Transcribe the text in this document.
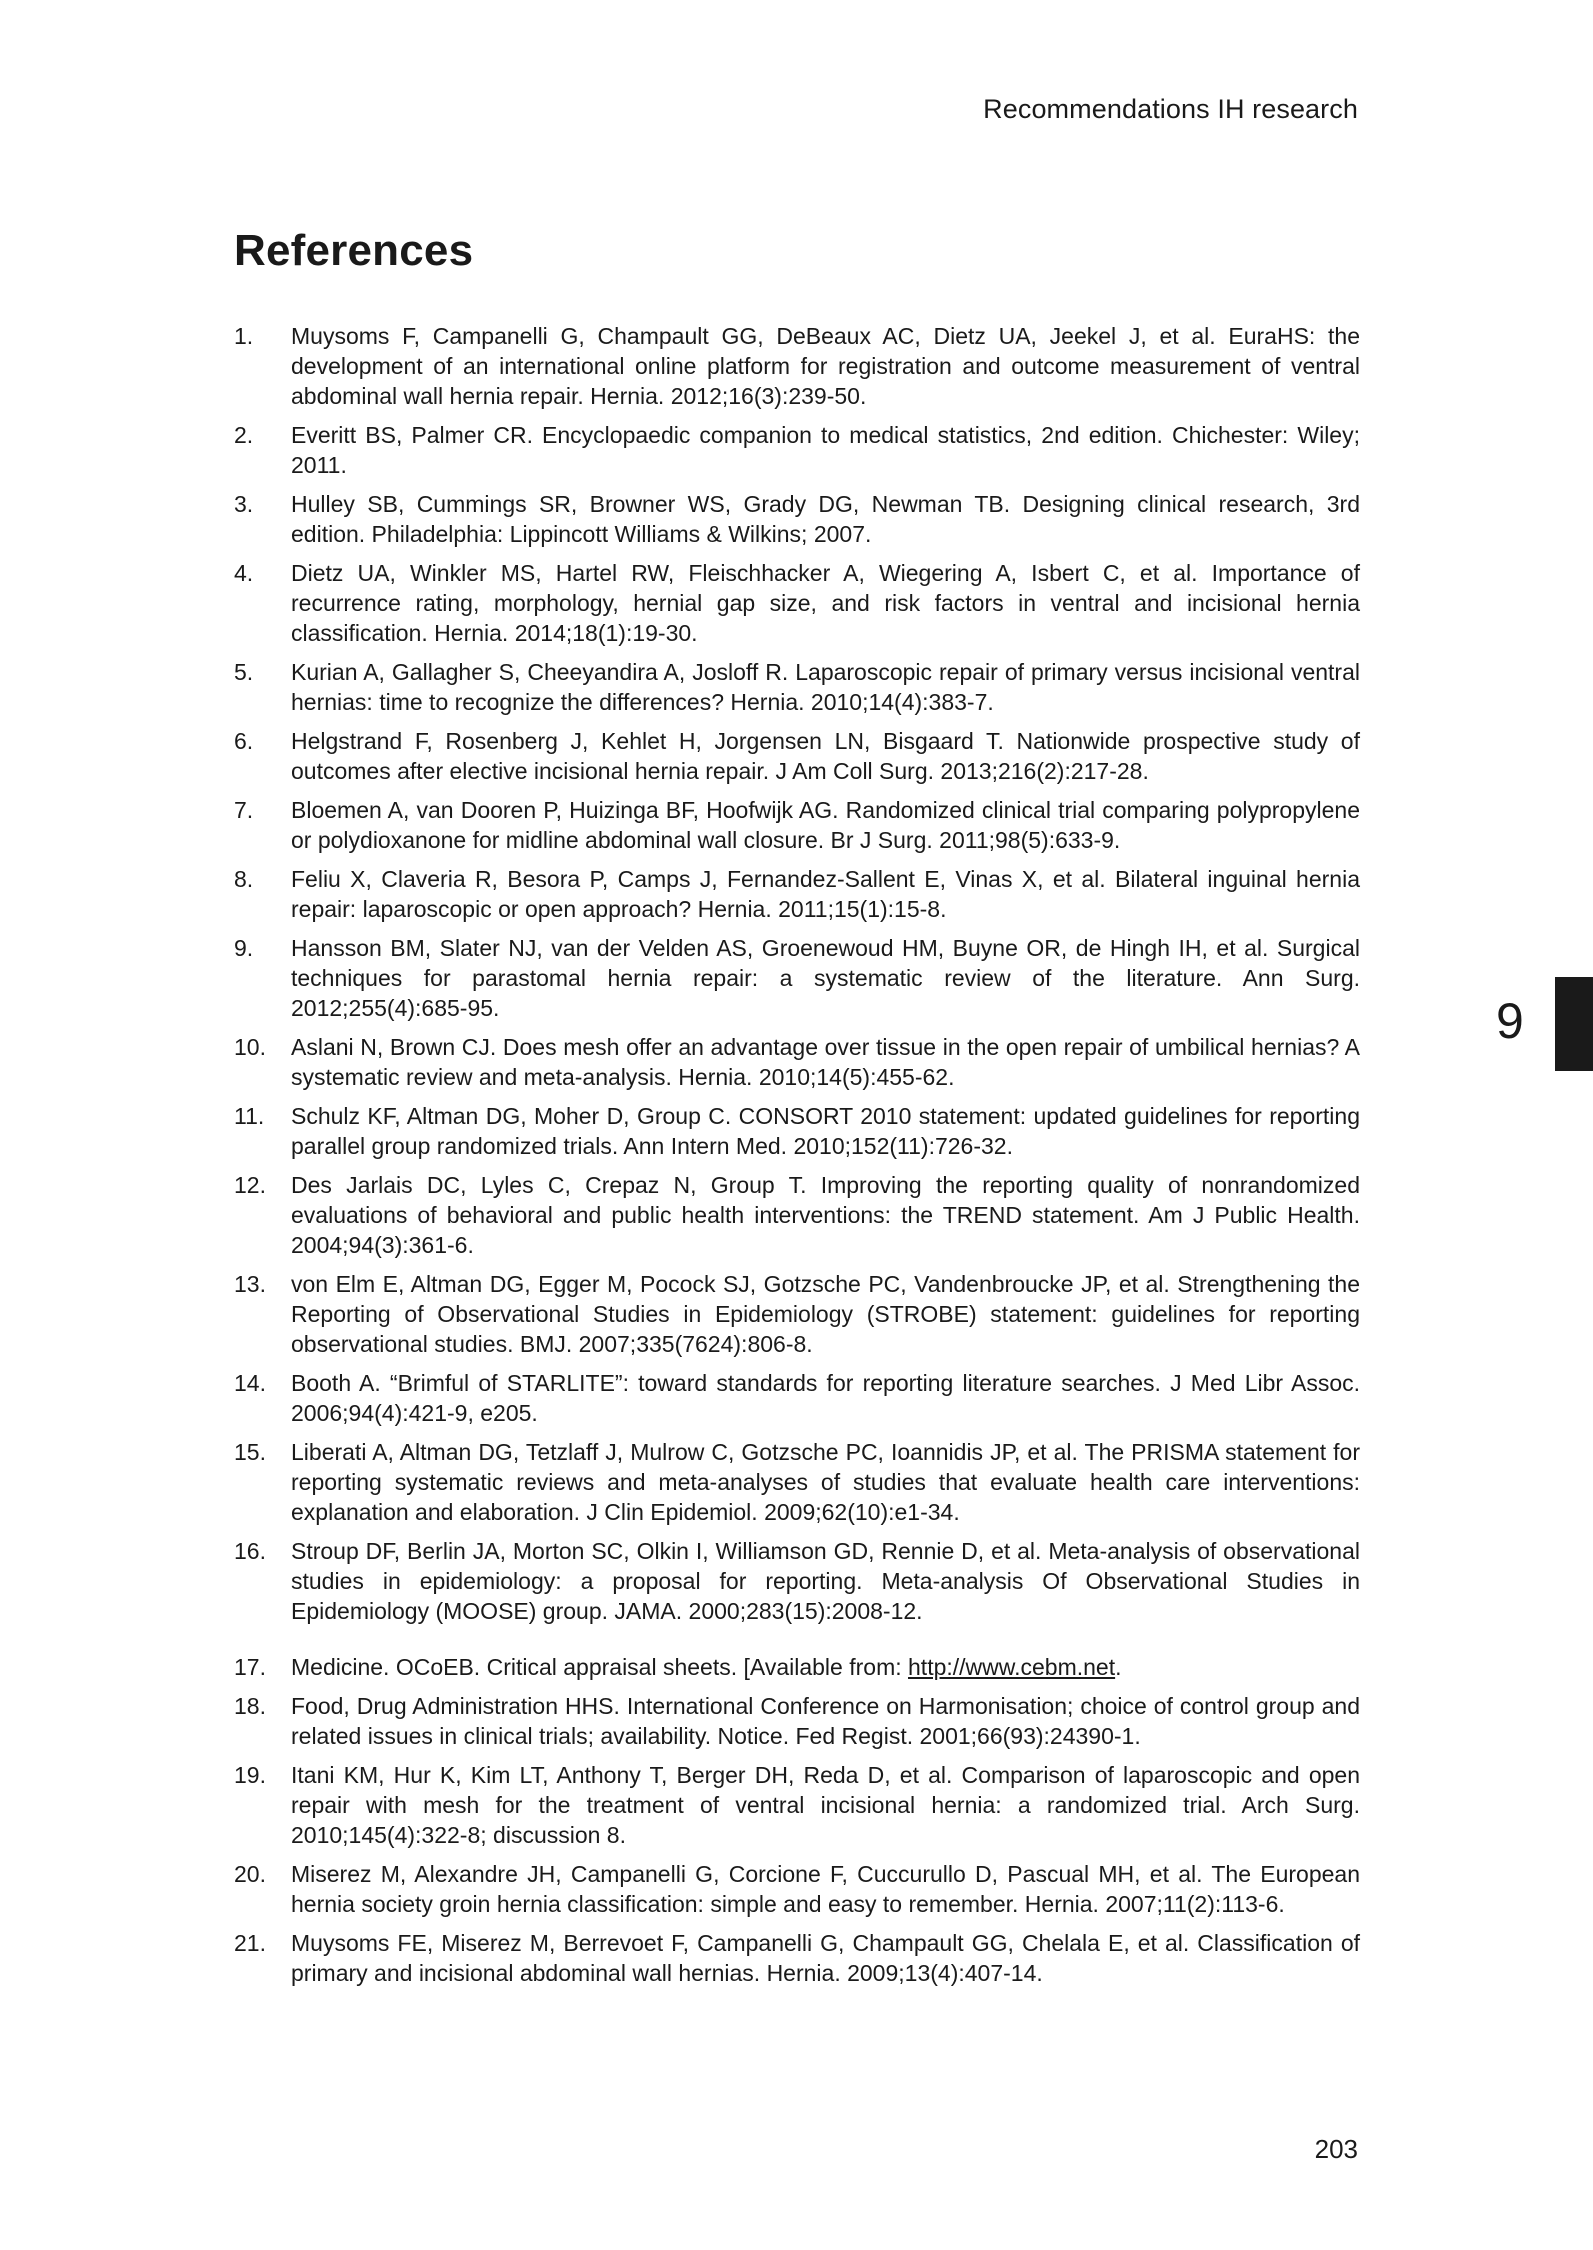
Recommendations IH research
References
1.	Muysoms F, Campanelli G, Champault GG, DeBeaux AC, Dietz UA, Jeekel J, et al. EuraHS: the development of an international online platform for registration and outcome measurement of ventral abdominal wall hernia repair. Hernia. 2012;16(3):239-50.
2.	Everitt BS, Palmer CR. Encyclopaedic companion to medical statistics, 2nd edition. Chichester: Wiley; 2011.
3.	Hulley SB, Cummings SR, Browner WS, Grady DG, Newman TB. Designing clinical research, 3rd edition. Philadelphia: Lippincott Williams & Wilkins; 2007.
4.	Dietz UA, Winkler MS, Hartel RW, Fleischhacker A, Wiegering A, Isbert C, et al. Importance of recurrence rating, morphology, hernial gap size, and risk factors in ventral and incisional hernia classification. Hernia. 2014;18(1):19-30.
5.	Kurian A, Gallagher S, Cheeyandira A, Josloff R. Laparoscopic repair of primary versus incisional ventral hernias: time to recognize the differences? Hernia. 2010;14(4):383-7.
6.	Helgstrand F, Rosenberg J, Kehlet H, Jorgensen LN, Bisgaard T. Nationwide prospective study of outcomes after elective incisional hernia repair. J Am Coll Surg. 2013;216(2):217-28.
7.	Bloemen A, van Dooren P, Huizinga BF, Hoofwijk AG. Randomized clinical trial comparing polypropylene or polydioxanone for midline abdominal wall closure. Br J Surg. 2011;98(5):633-9.
8.	Feliu X, Claveria R, Besora P, Camps J, Fernandez-Sallent E, Vinas X, et al. Bilateral inguinal hernia repair: laparoscopic or open approach? Hernia. 2011;15(1):15-8.
9.	Hansson BM, Slater NJ, van der Velden AS, Groenewoud HM, Buyne OR, de Hingh IH, et al. Surgical techniques for parastomal hernia repair: a systematic review of the literature. Ann Surg. 2012;255(4):685-95.
10.	Aslani N, Brown CJ. Does mesh offer an advantage over tissue in the open repair of umbilical hernias? A systematic review and meta-analysis. Hernia. 2010;14(5):455-62.
11.	Schulz KF, Altman DG, Moher D, Group C. CONSORT 2010 statement: updated guidelines for reporting parallel group randomized trials. Ann Intern Med. 2010;152(11):726-32.
12.	Des Jarlais DC, Lyles C, Crepaz N, Group T. Improving the reporting quality of nonrandomized evaluations of behavioral and public health interventions: the TREND statement. Am J Public Health. 2004;94(3):361-6.
13.	von Elm E, Altman DG, Egger M, Pocock SJ, Gotzsche PC, Vandenbroucke JP, et al. Strengthening the Reporting of Observational Studies in Epidemiology (STROBE) statement: guidelines for reporting observational studies. BMJ. 2007;335(7624):806-8.
14.	Booth A. “Brimful of STARLITE”: toward standards for reporting literature searches. J Med Libr Assoc. 2006;94(4):421-9, e205.
15.	Liberati A, Altman DG, Tetzlaff J, Mulrow C, Gotzsche PC, Ioannidis JP, et al. The PRISMA statement for reporting systematic reviews and meta-analyses of studies that evaluate health care interventions: explanation and elaboration. J Clin Epidemiol. 2009;62(10):e1-34.
16.	Stroup DF, Berlin JA, Morton SC, Olkin I, Williamson GD, Rennie D, et al. Meta-analysis of observational studies in epidemiology: a proposal for reporting. Meta-analysis Of Observational Studies in Epidemiology (MOOSE) group. JAMA. 2000;283(15):2008-12.
17.	Medicine. OCoEB. Critical appraisal sheets. [Available from: http://www.cebm.net.
18.	Food, Drug Administration HHS. International Conference on Harmonisation; choice of control group and related issues in clinical trials; availability. Notice. Fed Regist. 2001;66(93):24390-1.
19.	Itani KM, Hur K, Kim LT, Anthony T, Berger DH, Reda D, et al. Comparison of laparoscopic and open repair with mesh for the treatment of ventral incisional hernia: a randomized trial. Arch Surg. 2010;145(4):322-8; discussion 8.
20.	Miserez M, Alexandre JH, Campanelli G, Corcione F, Cuccurullo D, Pascual MH, et al. The European hernia society groin hernia classification: simple and easy to remember. Hernia. 2007;11(2):113-6.
21.	Muysoms FE, Miserez M, Berrevoet F, Campanelli G, Champault GG, Chelala E, et al. Classification of primary and incisional abdominal wall hernias. Hernia. 2009;13(4):407-14.
9
203
